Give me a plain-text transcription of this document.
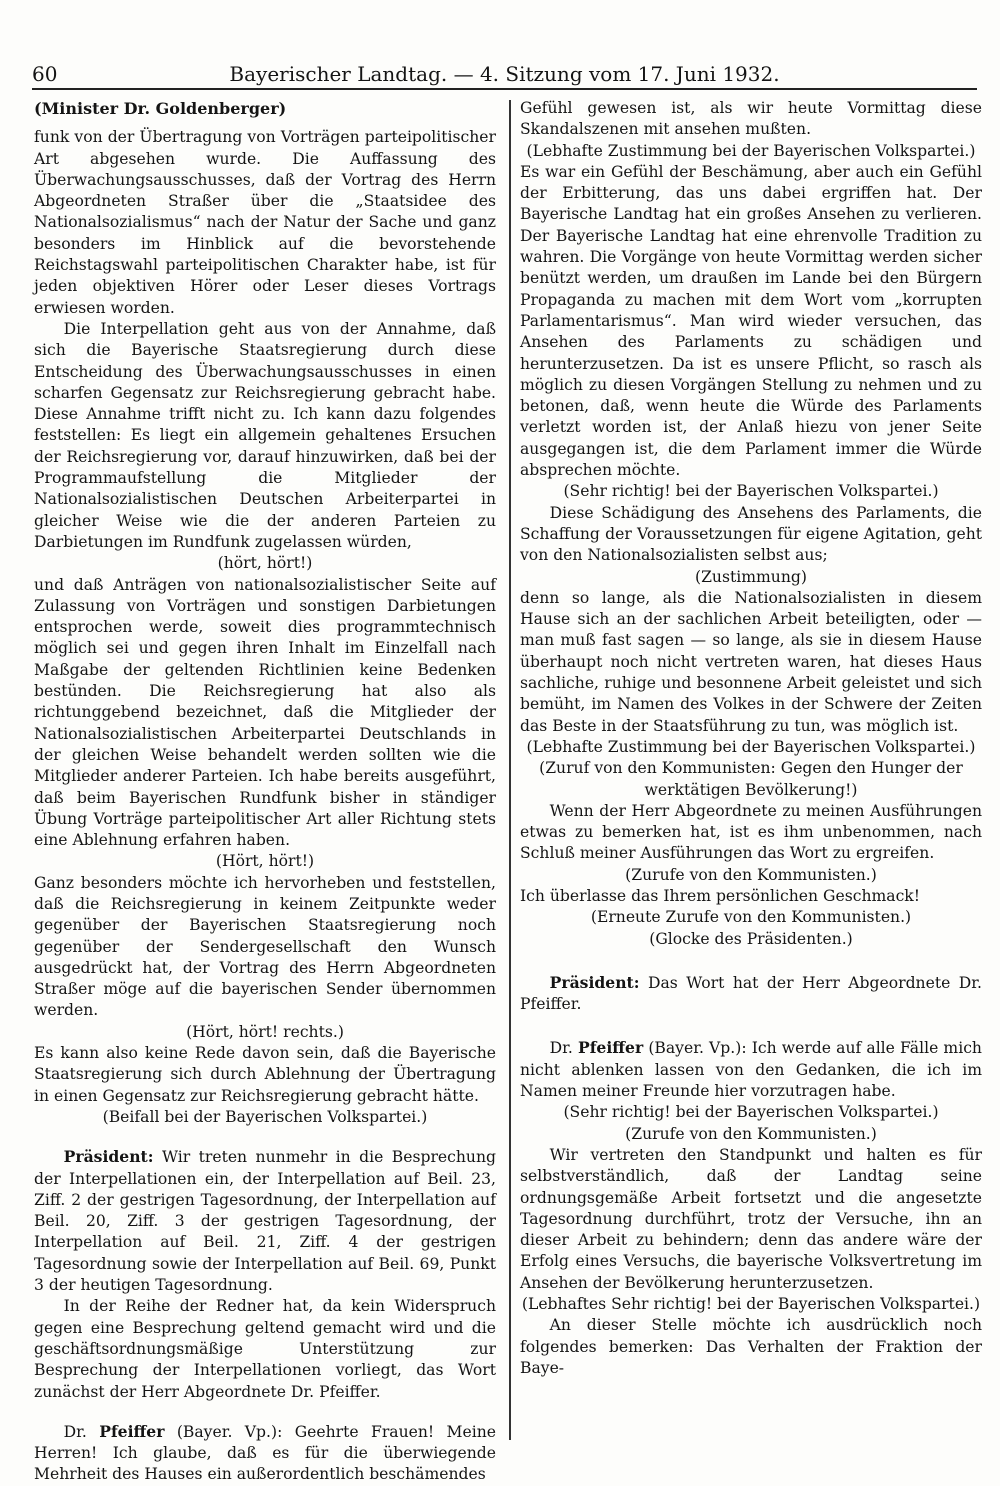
60	Bayerischer Landtag. — 4. Sitzung vom 17. Juni 1932.

(Minister Dr. Goldenberger)

funk von der Übertragung von Vorträgen parteipolitischer Art abgesehen wurde. Die Auffassung des Überwachungsausschusses, daß der Vortrag des Herrn Abgeordneten Straßer über die „Staatsidee des Nationalsozialismus“ nach der Natur der Sache und ganz besonders im Hinblick auf die bevorstehende Reichstagswahl parteipolitischen Charakter habe, ist für jeden objektiven Hörer oder Leser dieses Vortrags erwiesen worden.

Die Interpellation geht aus von der Annahme, daß sich die Bayerische Staatsregierung durch diese Entscheidung des Überwachungsausschusses in einen scharfen Gegensatz zur Reichsregierung gebracht habe. Diese Annahme trifft nicht zu. Ich kann dazu folgendes feststellen: Es liegt ein allgemein gehaltenes Ersuchen der Reichsregierung vor, darauf hinzuwirken, daß bei der Programmaufstellung die Mitglieder der Nationalsozialistischen Deutschen Arbeiterpartei in gleicher Weise wie die der anderen Parteien zu Darbietungen im Rundfunk zugelassen würden,

(hört, hört!)

und daß Anträgen von nationalsozialistischer Seite auf Zulassung von Vorträgen und sonstigen Darbietungen entsprochen werde, soweit dies programmtechnisch möglich sei und gegen ihren Inhalt im Einzelfall nach Maßgabe der geltenden Richtlinien keine Bedenken bestünden. Die Reichsregierung hat also als richtunggebend bezeichnet, daß die Mitglieder der Nationalsozialistischen Arbeiterpartei Deutschlands in der gleichen Weise behandelt werden sollten wie die Mitglieder anderer Parteien. Ich habe bereits ausgeführt, daß beim Bayerischen Rundfunk bisher in ständiger Übung Vorträge parteipolitischer Art aller Richtung stets eine Ablehnung erfahren haben.

(Hört, hört!)

Ganz besonders möchte ich hervorheben und feststellen, daß die Reichsregierung in keinem Zeitpunkte weder gegenüber der Bayerischen Staatsregierung noch gegenüber der Sendergesellschaft den Wunsch ausgedrückt hat, der Vortrag des Herrn Abgeordneten Straßer möge auf die bayerischen Sender übernommen werden.

(Hört, hört! rechts.)

Es kann also keine Rede davon sein, daß die Bayerische Staatsregierung sich durch Ablehnung der Übertragung in einen Gegensatz zur Reichsregierung gebracht hätte.

(Beifall bei der Bayerischen Volkspartei.)

Präsident: Wir treten nunmehr in die Besprechung der Interpellationen ein, der Interpellation auf Beil. 23, Ziff. 2 der gestrigen Tagesordnung, der Interpellation auf Beil. 20, Ziff. 3 der gestrigen Tagesordnung, der Interpellation auf Beil. 21, Ziff. 4 der gestrigen Tagesordnung sowie der Interpellation auf Beil. 69, Punkt 3 der heutigen Tagesordnung.

In der Reihe der Redner hat, da kein Widerspruch gegen eine Besprechung geltend gemacht wird und die geschäftsordnungsmäßige Unterstützung zur Besprechung der Interpellationen vorliegt, das Wort zunächst der Herr Abgeordnete Dr. Pfeiffer.

Dr. Pfeiffer (Bayer. Vp.): Geehrte Frauen! Meine Herren! Ich glaube, daß es für die überwiegende Mehrheit des Hauses ein außerordentlich beschämendes

Gefühl gewesen ist, als wir heute Vormittag diese Skandalszenen mit ansehen mußten.

(Lebhafte Zustimmung bei der Bayerischen Volkspartei.)

Es war ein Gefühl der Beschämung, aber auch ein Gefühl der Erbitterung, das uns dabei ergriffen hat. Der Bayerische Landtag hat ein großes Ansehen zu verlieren. Der Bayerische Landtag hat eine ehrenvolle Tradition zu wahren. Die Vorgänge von heute Vormittag werden sicher benützt werden, um draußen im Lande bei den Bürgern Propaganda zu machen mit dem Wort vom „korrupten Parlamentarismus“. Man wird wieder versuchen, das Ansehen des Parlaments zu schädigen und herunterzusetzen. Da ist es unsere Pflicht, so rasch als möglich zu diesen Vorgängen Stellung zu nehmen und zu betonen, daß, wenn heute die Würde des Parlaments verletzt worden ist, der Anlaß hiezu von jener Seite ausgegangen ist, die dem Parlament immer die Würde absprechen möchte.

(Sehr richtig! bei der Bayerischen Volkspartei.)

Diese Schädigung des Ansehens des Parlaments, die Schaffung der Voraussetzungen für eigene Agitation, geht von den Nationalsozialisten selbst aus;

(Zustimmung)

denn so lange, als die Nationalsozialisten in diesem Hause sich an der sachlichen Arbeit beteiligten, oder — man muß fast sagen — so lange, als sie in diesem Hause überhaupt noch nicht vertreten waren, hat dieses Haus sachliche, ruhige und besonnene Arbeit geleistet und sich bemüht, im Namen des Volkes in der Schwere der Zeiten das Beste in der Staatsführung zu tun, was möglich ist.

(Lebhafte Zustimmung bei der Bayerischen Volkspartei.)

(Zuruf von den Kommunisten: Gegen den Hunger der werktätigen Bevölkerung!)

Wenn der Herr Abgeordnete zu meinen Ausführungen etwas zu bemerken hat, ist es ihm unbenommen, nach Schluß meiner Ausführungen das Wort zu ergreifen.

(Zurufe von den Kommunisten.)

Ich überlasse das Ihrem persönlichen Geschmack!

(Erneute Zurufe von den Kommunisten.)

(Glocke des Präsidenten.)

Präsident: Das Wort hat der Herr Abgeordnete Dr. Pfeiffer.

Dr. Pfeiffer (Bayer. Vp.): Ich werde auf alle Fälle mich nicht ablenken lassen von den Gedanken, die ich im Namen meiner Freunde hier vorzutragen habe.

(Sehr richtig! bei der Bayerischen Volkspartei.)

(Zurufe von den Kommunisten.)

Wir vertreten den Standpunkt und halten es für selbstverständlich, daß der Landtag seine ordnungsgemäße Arbeit fortsetzt und die angesetzte Tagesordnung durchführt, trotz der Versuche, ihn an dieser Arbeit zu behindern; denn das andere wäre der Erfolg eines Versuchs, die bayerische Volksvertretung im Ansehen der Bevölkerung herunterzusetzen.

(Lebhaftes Sehr richtig! bei der Bayerischen Volkspartei.)

An dieser Stelle möchte ich ausdrücklich noch folgendes bemerken: Das Verhalten der Fraktion der Baye-
